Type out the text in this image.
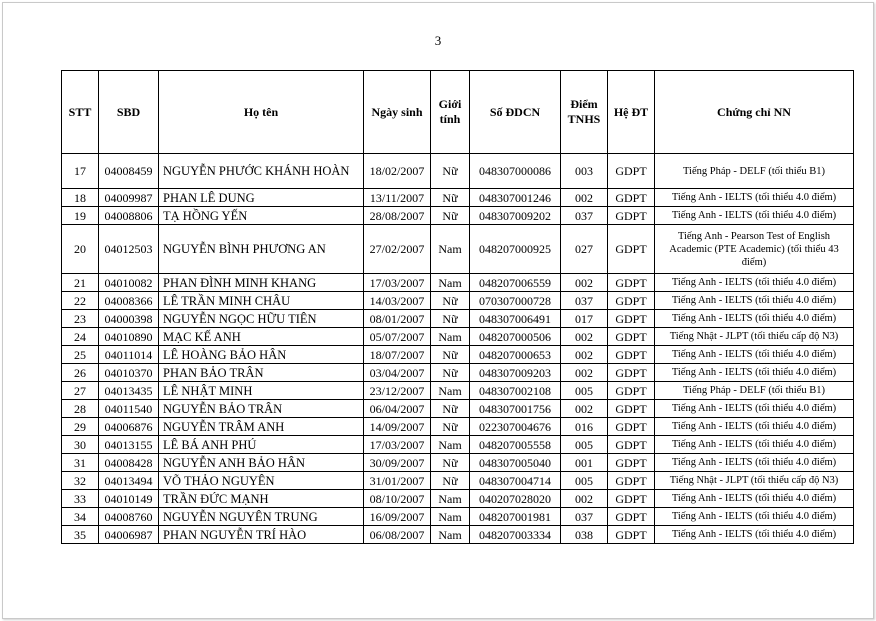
3
STT	SBD	Họ tên	Ngày sinh	Giới tính	Số ĐDCN	Điểm TNHS	Hệ ĐT	Chứng chỉ NN
17	04008459	NGUYỄN PHƯỚC KHÁNH HOÀN	18/02/2007	Nữ	048307000086	003	GDPT	Tiếng Pháp - DELF (tối thiểu B1)
18	04009987	PHAN LÊ DUNG	13/11/2007	Nữ	048307001246	002	GDPT	Tiếng Anh - IELTS (tối thiểu 4.0 điểm)
19	04008806	TẠ HỒNG YẾN	28/08/2007	Nữ	048307009202	037	GDPT	Tiếng Anh - IELTS (tối thiểu 4.0 điểm)
20	04012503	NGUYỄN BÌNH PHƯƠNG AN	27/02/2007	Nam	048207000925	027	GDPT	Tiếng Anh - Pearson Test of English Academic (PTE Academic) (tối thiểu 43 điểm)
21	04010082	PHAN ĐÌNH MINH KHANG	17/03/2007	Nam	048207006559	002	GDPT	Tiếng Anh - IELTS (tối thiểu 4.0 điểm)
22	04008366	LÊ TRẦN MINH CHÂU	14/03/2007	Nữ	070307000728	037	GDPT	Tiếng Anh - IELTS (tối thiểu 4.0 điểm)
23	04000398	NGUYỄN NGỌC HỮU TIÊN	08/01/2007	Nữ	048307006491	017	GDPT	Tiếng Anh - IELTS (tối thiểu 4.0 điểm)
24	04010890	MẠC KẾ ANH	05/07/2007	Nam	048207000506	002	GDPT	Tiếng Nhật - JLPT (tối thiểu cấp độ N3)
25	04011014	LÊ HOÀNG BẢO HÂN	18/07/2007	Nữ	048207000653	002	GDPT	Tiếng Anh - IELTS (tối thiểu 4.0 điểm)
26	04010370	PHAN BẢO TRÂN	03/04/2007	Nữ	048307009203	002	GDPT	Tiếng Anh - IELTS (tối thiểu 4.0 điểm)
27	04013435	LÊ NHẬT MINH	23/12/2007	Nam	048307002108	005	GDPT	Tiếng Pháp - DELF (tối thiểu B1)
28	04011540	NGUYỄN BẢO TRÂN	06/04/2007	Nữ	048307001756	002	GDPT	Tiếng Anh - IELTS (tối thiểu 4.0 điểm)
29	04006876	NGUYỄN TRÂM ANH	14/09/2007	Nữ	022307004676	016	GDPT	Tiếng Anh - IELTS (tối thiểu 4.0 điểm)
30	04013155	LÊ BÁ ANH PHÚ	17/03/2007	Nam	048207005558	005	GDPT	Tiếng Anh - IELTS (tối thiểu 4.0 điểm)
31	04008428	NGUYỄN ANH BẢO HÂN	30/09/2007	Nữ	048307005040	001	GDPT	Tiếng Anh - IELTS (tối thiểu 4.0 điểm)
32	04013494	VÕ THẢO NGUYÊN	31/01/2007	Nữ	048307004714	005	GDPT	Tiếng Nhật - JLPT (tối thiểu cấp độ N3)
33	04010149	TRẦN ĐỨC MẠNH	08/10/2007	Nam	040207028020	002	GDPT	Tiếng Anh - IELTS (tối thiểu 4.0 điểm)
34	04008760	NGUYỄN NGUYÊN TRUNG	16/09/2007	Nam	048207001981	037	GDPT	Tiếng Anh - IELTS (tối thiểu 4.0 điểm)
35	04006987	PHAN NGUYỄN TRÍ HÀO	06/08/2007	Nam	048207003334	038	GDPT	Tiếng Anh - IELTS (tối thiểu 4.0 điểm)
